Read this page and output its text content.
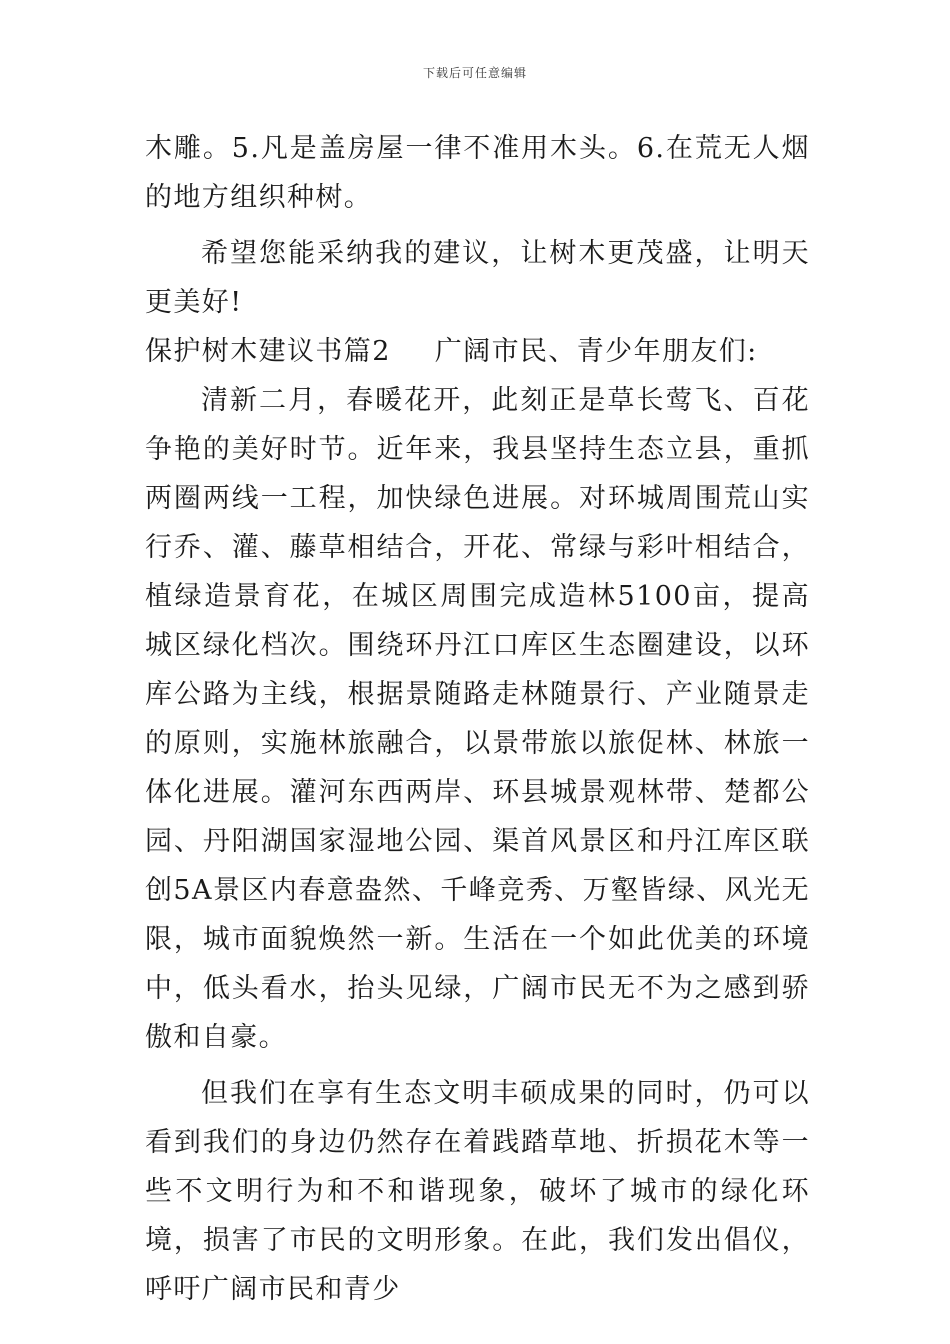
下载后可任意编辑

木雕。5.凡是盖房屋一律不准用木头。6.在荒无人烟的地方组织种树。

希望您能采纳我的建议，让树木更茂盛，让明天更美好!

保护树木建议书篇2 广阔市民、青少年朋友们:

清新二月，春暖花开，此刻正是草长莺飞、百花争艳的美好时节。近年来，我县坚持生态立县，重抓两圈两线一工程，加快绿色进展。对环城周围荒山实行乔、灌、藤草相结合，开花、常绿与彩叶相结合，植绿造景育花，在城区周围完成造林5100亩，提高城区绿化档次。围绕环丹江口库区生态圈建设，以环库公路为主线，根据景随路走林随景行、产业随景走的原则，实施林旅融合，以景带旅以旅促林、林旅一体化进展。灌河东西两岸、环县城景观林带、楚都公园、丹阳湖国家湿地公园、渠首风景区和丹江库区联创5A景区内春意盎然、千峰竞秀、万壑皆绿、风光无限，城市面貌焕然一新。生活在一个如此优美的环境中，低头看水，抬头见绿，广阔市民无不为之感到骄傲和自豪。

但我们在享有生态文明丰硕成果的同时，仍可以看到我们的身边仍然存在着践踏草地、折损花木等一些不文明行为和不和谐现象，破坏了城市的绿化环境，损害了市民的文明形象。在此，我们发出倡仪，呼吁广阔市民和青少
